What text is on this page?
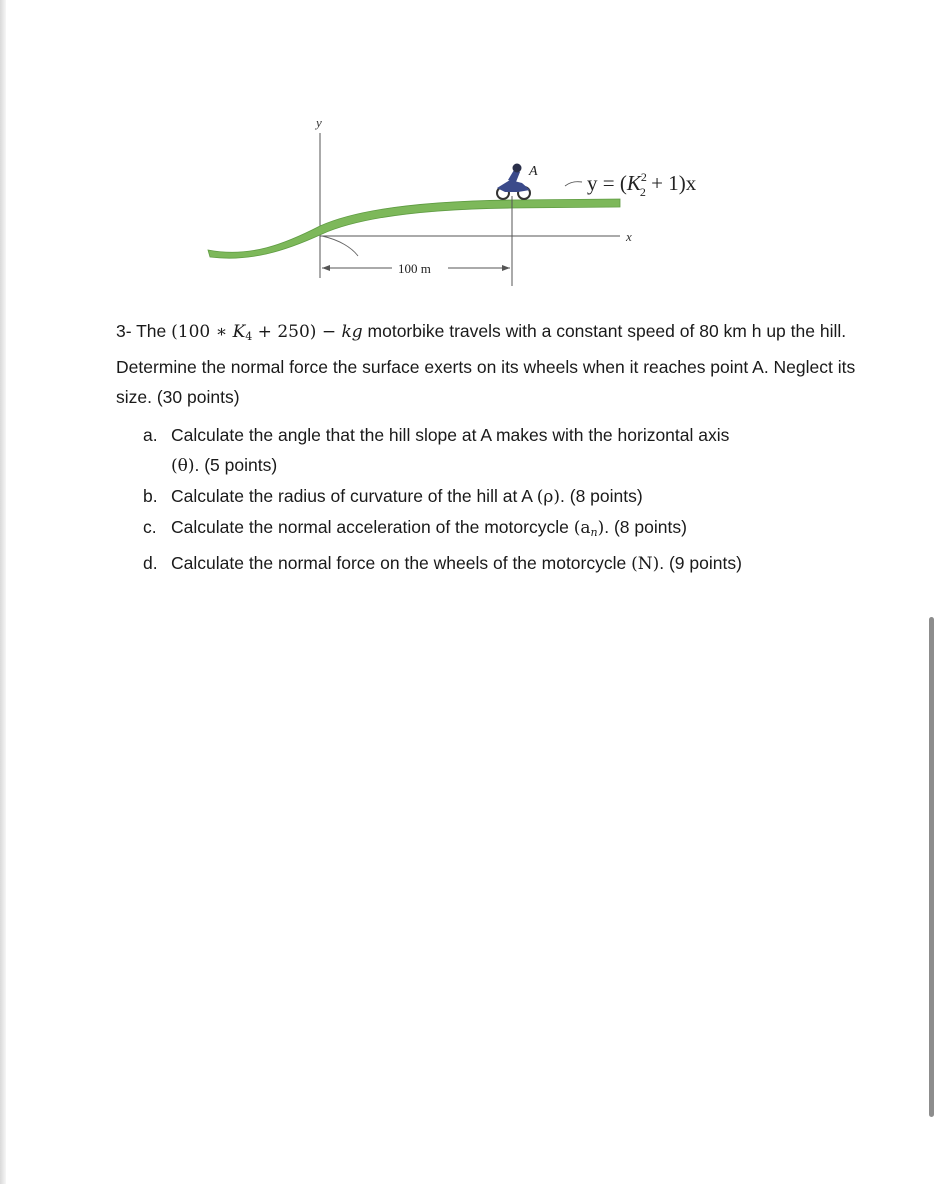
y
x
100 m
A $y = (K^2$ 2 + 1)x

3- The (100 ∗ $K_4 + 250$) − kg motorbike travels with a constant speed of 80 km h up the hill. Determine the normal force the surface exerts on its wheels when it reaches point A. Neglect its size. (30 points)

a. Calculate the angle that the hill slope at A makes with the horizontal axis
(θ). (5 points)
b. Calculate the radius of curvature of the hill at A (ρ). (8 points)
c. Calculate the normal acceleration of the motorcycle $(a_n)$. (8 points)
d. Calculate the normal force on the wheels of the motorcycle (N). (9 points)
